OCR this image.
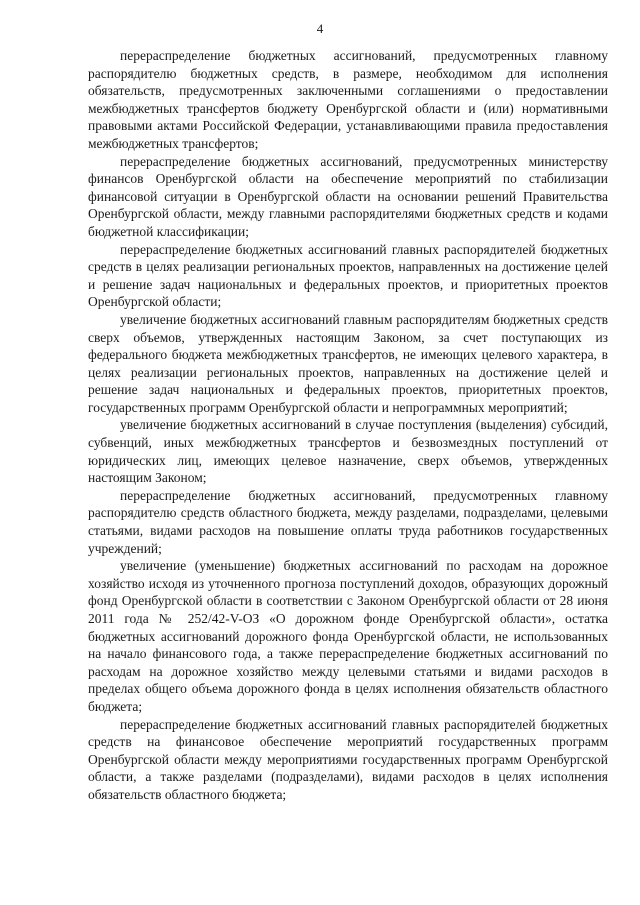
4

перераспределение бюджетных ассигнований, предусмотренных главному распорядителю бюджетных средств, в размере, необходимом для исполнения обязательств, предусмотренных заключенными соглашениями о предоставлении межбюджетных трансфертов бюджету Оренбургской области и (или) нормативными правовыми актами Российской Федерации, устанавливающими правила предоставления межбюджетных трансфертов;

перераспределение бюджетных ассигнований, предусмотренных министерству финансов Оренбургской области на обеспечение мероприятий по стабилизации финансовой ситуации в Оренбургской области на основании решений Правительства Оренбургской области, между главными распорядителями бюджетных средств и кодами бюджетной классификации;

перераспределение бюджетных ассигнований главных распорядителей бюджетных средств в целях реализации региональных проектов, направленных на достижение целей и решение задач национальных и федеральных проектов, и приоритетных проектов Оренбургской области;

увеличение бюджетных ассигнований главным распорядителям бюджетных средств сверх объемов, утвержденных настоящим Законом, за счет поступающих из федерального бюджета межбюджетных трансфертов, не имеющих целевого характера, в целях реализации региональных проектов, направленных на достижение целей и решение задач национальных и федеральных проектов, приоритетных проектов, государственных программ Оренбургской области и непрограммных мероприятий;

увеличение бюджетных ассигнований в случае поступления (выделения) субсидий, субвенций, иных межбюджетных трансфертов и безвозмездных поступлений от юридических лиц, имеющих целевое назначение, сверх объемов, утвержденных настоящим Законом;

перераспределение бюджетных ассигнований, предусмотренных главному распорядителю средств областного бюджета, между разделами, подразделами, целевыми статьями, видами расходов на повышение оплаты труда работников государственных учреждений;

увеличение (уменьшение) бюджетных ассигнований по расходам на дорожное хозяйство исходя из уточненного прогноза поступлений доходов, образующих дорожный фонд Оренбургской области в соответствии с Законом Оренбургской области от 28 июня 2011 года № 252/42-V-ОЗ «О дорожном фонде Оренбургской области», остатка бюджетных ассигнований дорожного фонда Оренбургской области, не использованных на начало финансового года, а также перераспределение бюджетных ассигнований по расходам на дорожное хозяйство между целевыми статьями и видами расходов в пределах общего объема дорожного фонда в целях исполнения обязательств областного бюджета;

перераспределение бюджетных ассигнований главных распорядителей бюджетных средств на финансовое обеспечение мероприятий государственных программ Оренбургской области между мероприятиями государственных программ Оренбургской области, а также разделами (подразделами), видами расходов в целях исполнения обязательств областного бюджета;
